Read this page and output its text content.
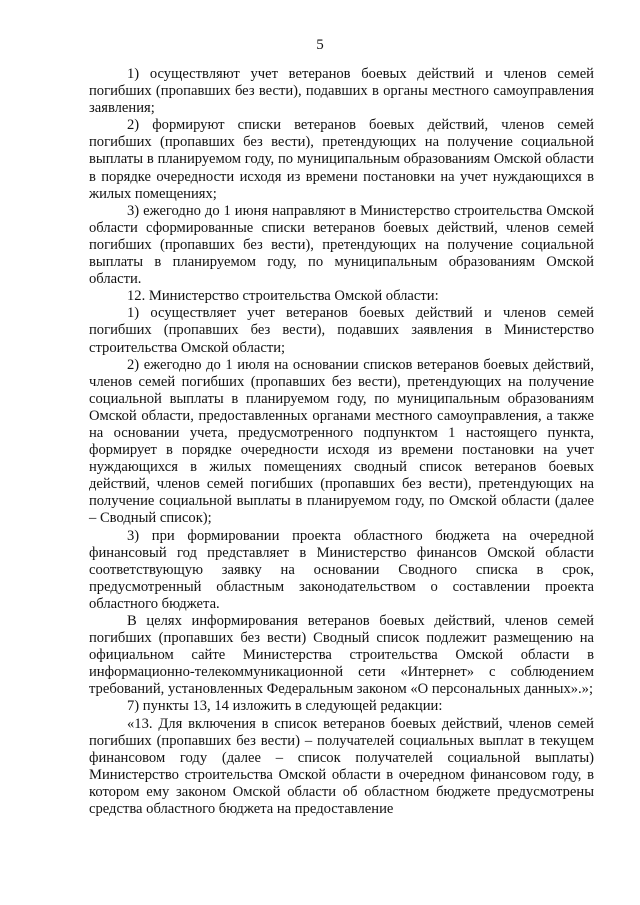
5

1) осуществляют учет ветеранов боевых действий и членов семей погибших (пропавших без вести), подавших в органы местного самоуправления заявления;

2) формируют списки ветеранов боевых действий, членов семей погибших (пропавших без вести), претендующих на получение социальной выплаты в планируемом году, по муниципальным образованиям Омской области в порядке очередности исходя из времени постановки на учет нуждающихся в жилых помещениях;

3) ежегодно до 1 июня направляют в Министерство строительства Омской области сформированные списки ветеранов боевых действий, членов семей погибших (пропавших без вести), претендующих на получение социальной выплаты в планируемом году, по муниципальным образованиям Омской области.

12. Министерство строительства Омской области:

1) осуществляет учет ветеранов боевых действий и членов семей погибших (пропавших без вести), подавших заявления в Министерство строительства Омской области;

2) ежегодно до 1 июля на основании списков ветеранов боевых действий, членов семей погибших (пропавших без вести), претендующих на получение социальной выплаты в планируемом году, по муниципальным образованиям Омской области, предоставленных органами местного самоуправления, а также на основании учета, предусмотренного подпунктом 1 настоящего пункта, формирует в порядке очередности исходя из времени постановки на учет нуждающихся в жилых помещениях сводный список ветеранов боевых действий, членов семей погибших (пропавших без вести), претендующих на получение социальной выплаты в планируемом году, по Омской области (далее – Сводный список);

3) при формировании проекта областного бюджета на очередной финансовый год представляет в Министерство финансов Омской области соответствующую заявку на основании Сводного списка в срок, предусмотренный областным законодательством о составлении проекта областного бюджета.

В целях информирования ветеранов боевых действий, членов семей погибших (пропавших без вести) Сводный список подлежит размещению на официальном сайте Министерства строительства Омской области в информационно-телекоммуникационной сети «Интернет» с соблюдением требований, установленных Федеральным законом «О персональных данных».»;

7) пункты 13, 14 изложить в следующей редакции:

«13. Для включения в список ветеранов боевых действий, членов семей погибших (пропавших без вести) – получателей социальных выплат в текущем финансовом году (далее – список получателей социальной выплаты) Министерство строительства Омской области в очередном финансовом году, в котором ему законом Омской области об областном бюджете предусмотрены средства областного бюджета на предоставление
